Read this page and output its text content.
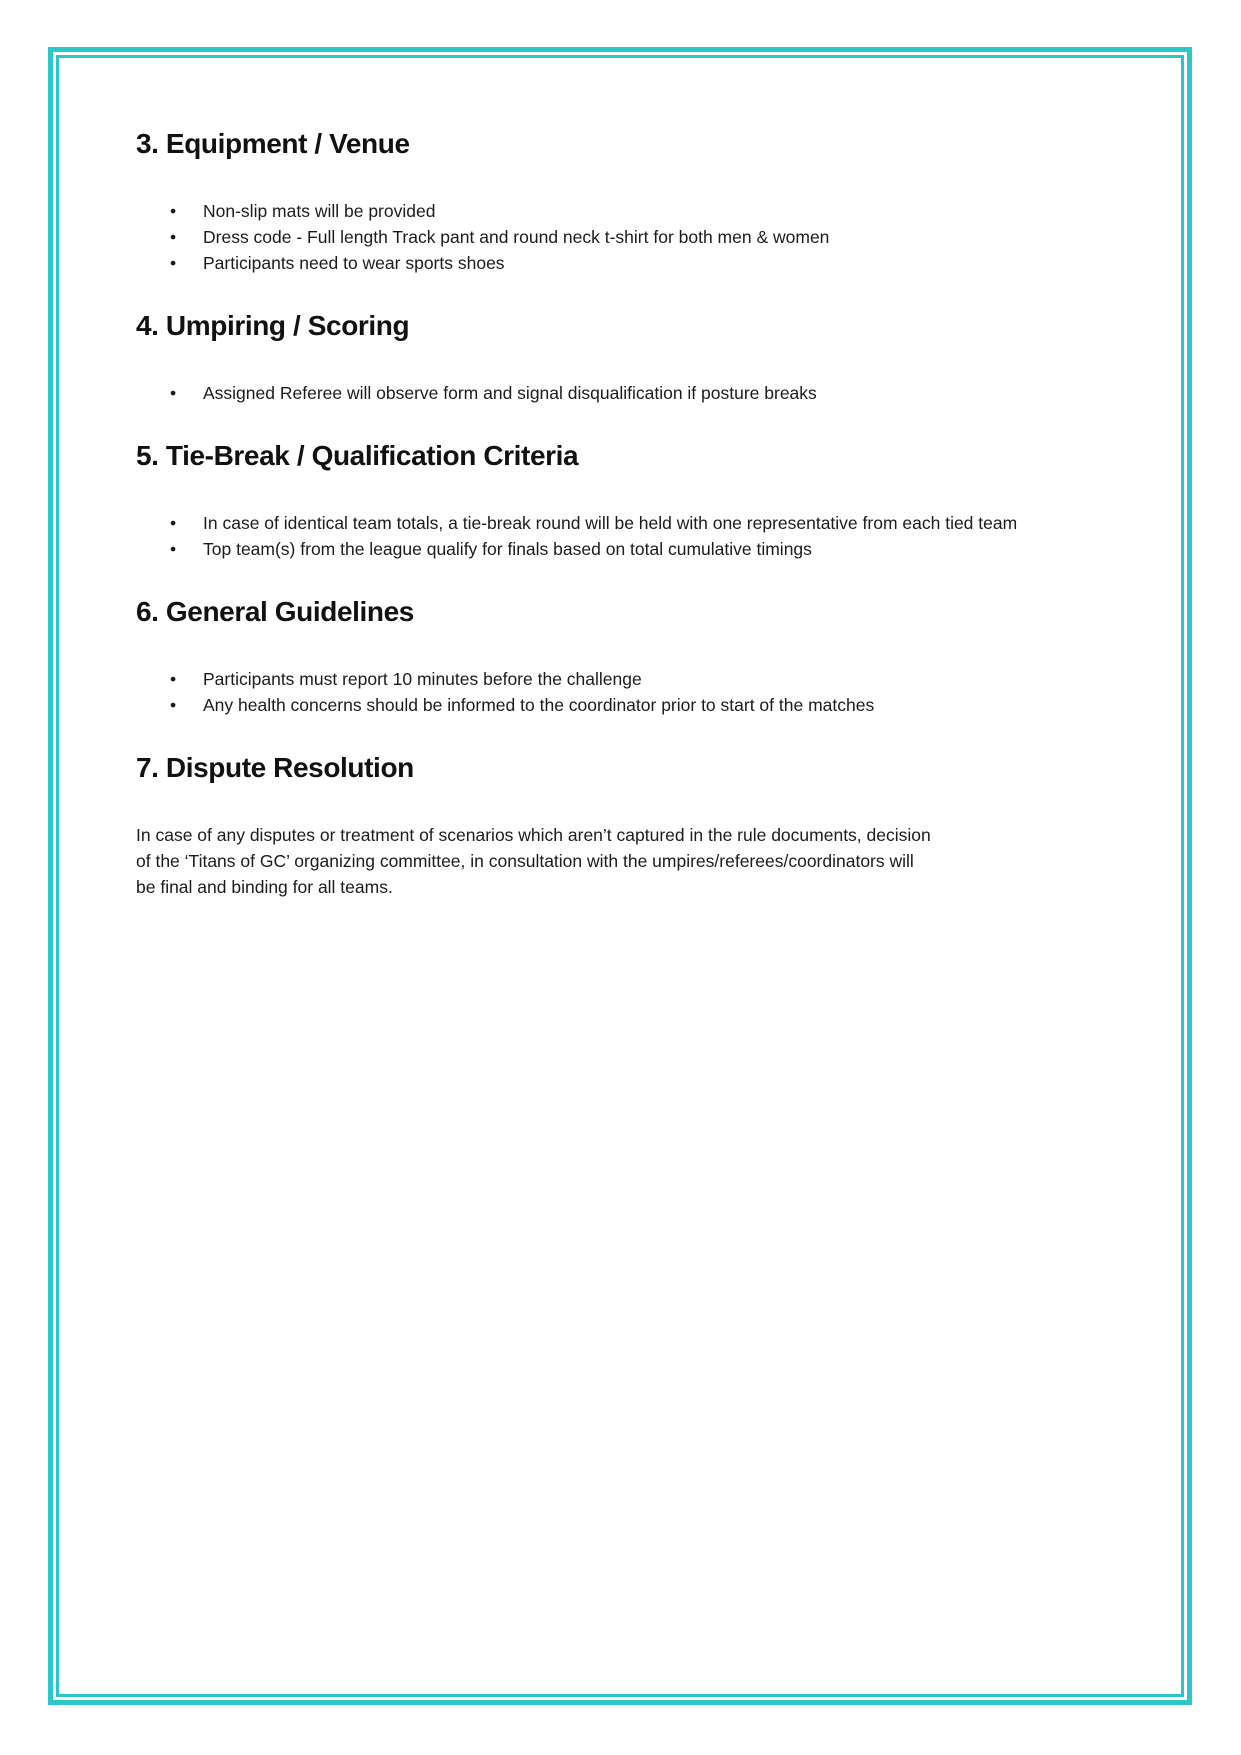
3. Equipment / Venue
• Non-slip mats will be provided
• Dress code - Full length Track pant and round neck t-shirt for both men & women
• Participants need to wear sports shoes
4. Umpiring / Scoring
• Assigned Referee will observe form and signal disqualification if posture breaks
5. Tie-Break / Qualification Criteria
• In case of identical team totals, a tie-break round will be held with one representative from each tied team
• Top team(s) from the league qualify for finals based on total cumulative timings
6. General Guidelines
• Participants must report 10 minutes before the challenge
• Any health concerns should be informed to the coordinator prior to start of the matches
7. Dispute Resolution

In case of any disputes or treatment of scenarios which aren’t captured in the rule documents, decision of the ‘Titans of GC’ organizing committee, in consultation with the umpires/referees/coordinators will be final and binding for all teams.
